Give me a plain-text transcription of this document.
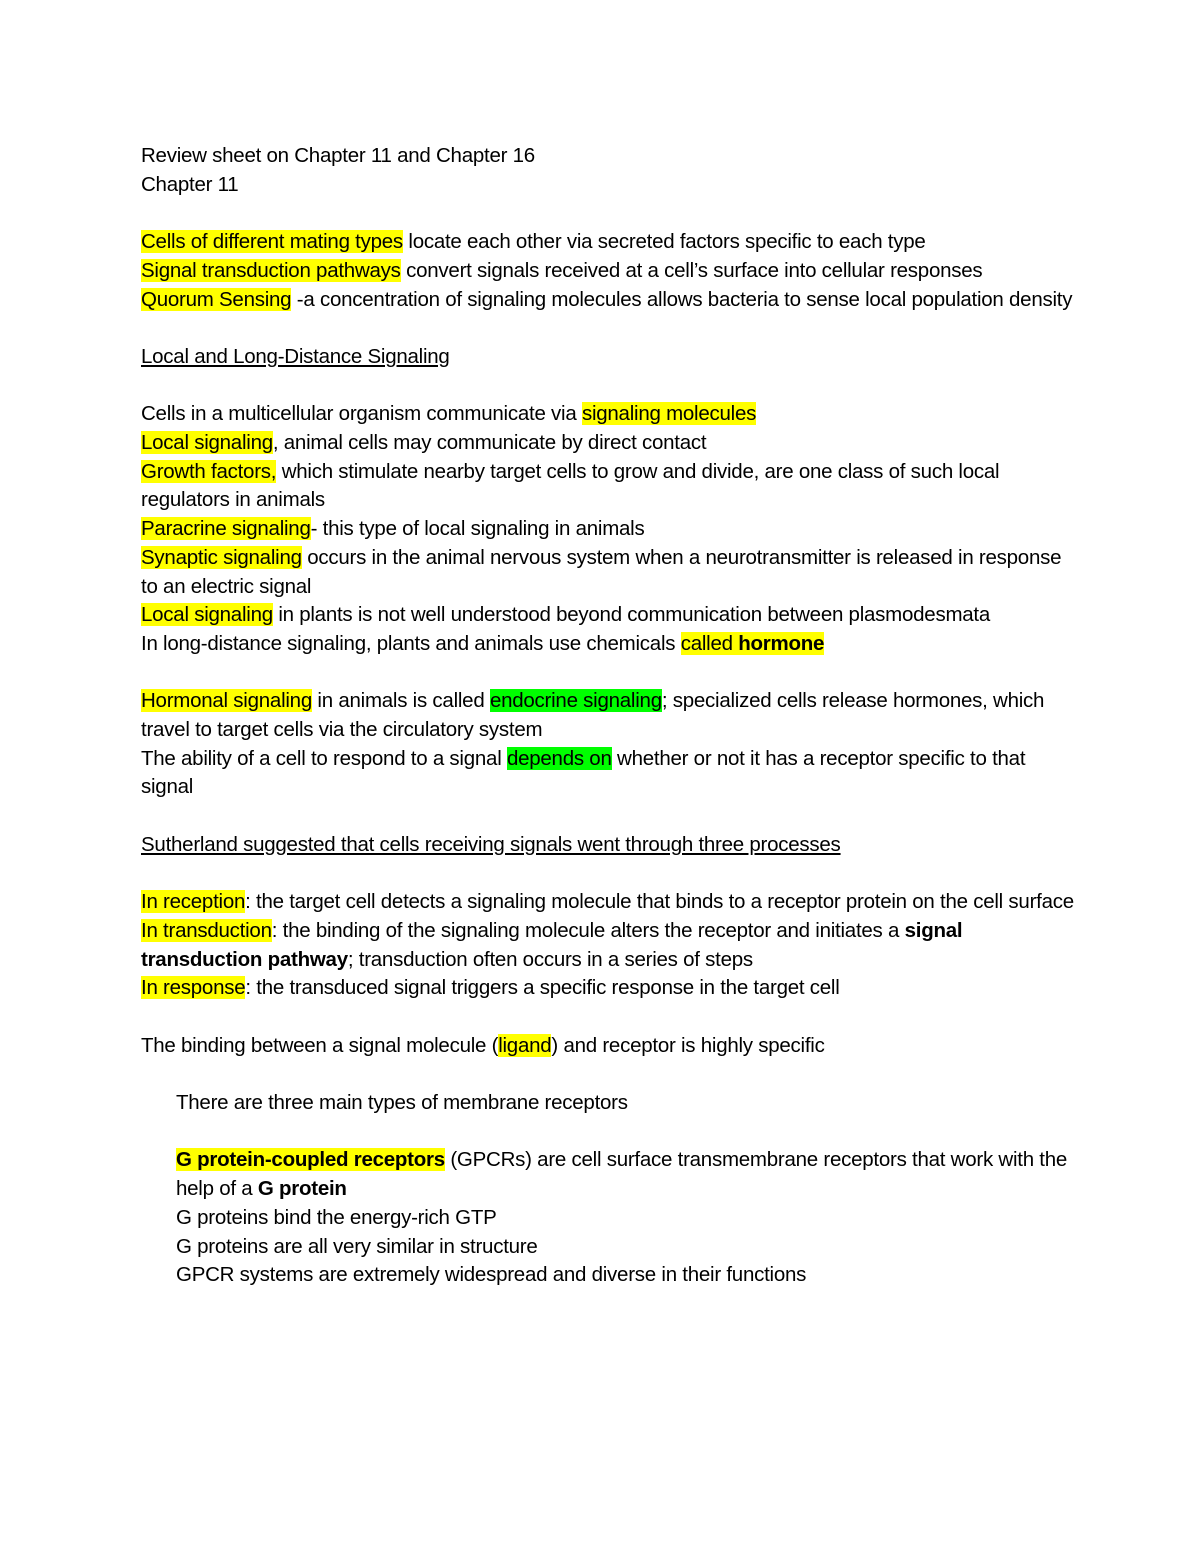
Review sheet on Chapter 11 and Chapter 16

Chapter 11

Cells of different mating types locate each other via secreted factors specific to each type

Signal transduction pathways convert signals received at a cell’s surface into cellular responses

Quorum Sensing -a concentration of signaling molecules allows bacteria to sense local population density

Local and Long-Distance Signaling

Cells in a multicellular organism communicate via signaling molecules

Local signaling, animal cells may communicate by direct contact

Growth factors, which stimulate nearby target cells to grow and divide, are one class of such local regulators in animals

Paracrine signaling- this type of local signaling in animals

Synaptic signaling occurs in the animal nervous system when a neurotransmitter is released in response to an electric signal

Local signaling in plants is not well understood beyond communication between plasmodesmata

In long-distance signaling, plants and animals use chemicals called hormone

Hormonal signaling in animals is called endocrine signaling; specialized cells release hormones, which travel to target cells via the circulatory system

The ability of a cell to respond to a signal depends on whether or not it has a receptor specific to that signal

Sutherland suggested that cells receiving signals went through three processes

In reception: the target cell detects a signaling molecule that binds to a receptor protein on the cell surface

In transduction: the binding of the signaling molecule alters the receptor and initiates a signal transduction pathway; transduction often occurs in a series of steps

In response: the transduced signal triggers a specific response in the target cell

The binding between a signal molecule (ligand) and receptor is highly specific

There are three main types of membrane receptors

G protein-coupled receptors (GPCRs) are cell surface transmembrane receptors that work with the help of a G protein

G proteins bind the energy-rich GTP

G proteins are all very similar in structure

GPCR systems are extremely widespread and diverse in their functions
